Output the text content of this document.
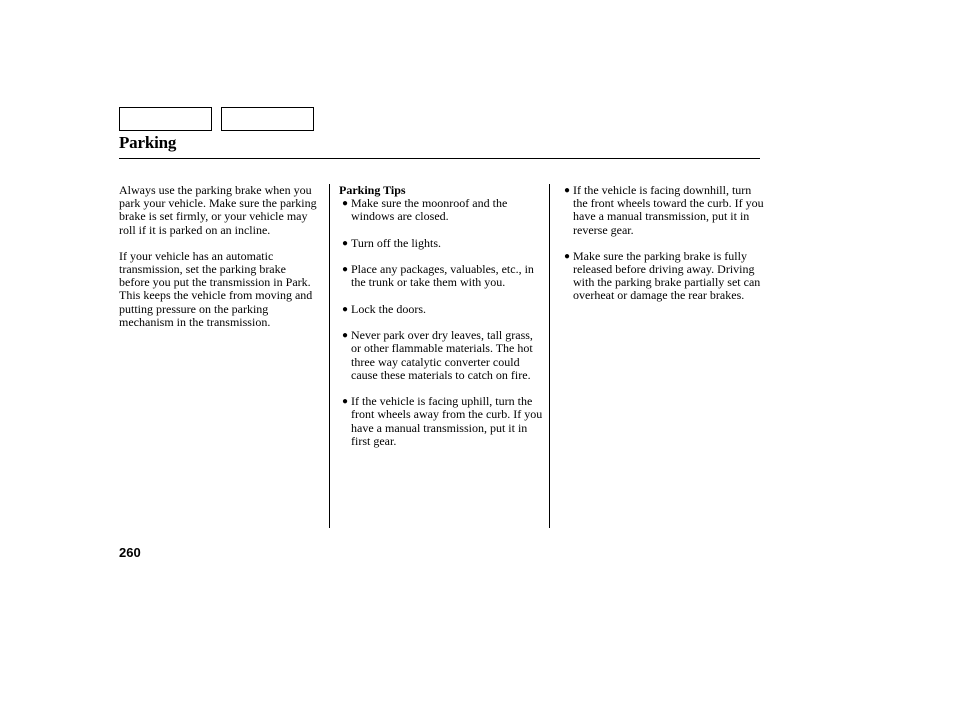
Parking

Always use the parking brake when you park your vehicle. Make sure the parking brake is set firmly, or your vehicle may roll if it is parked on an incline.

If your vehicle has an automatic transmission, set the parking brake before you put the transmission in Park. This keeps the vehicle from moving and putting pressure on the parking mechanism in the transmission.

Parking Tips

● Make sure the moonroof and the windows are closed.
● Turn off the lights.
● Place any packages, valuables, etc., in the trunk or take them with you.
● Lock the doors.
● Never park over dry leaves, tall grass, or other flammable materials. The hot three way catalytic converter could cause these materials to catch on fire.
● If the vehicle is facing uphill, turn the front wheels away from the curb. If you have a manual transmission, put it in first gear.
● If the vehicle is facing downhill, turn the front wheels toward the curb. If you have a manual transmission, put it in reverse gear.
● Make sure the parking brake is fully released before driving away. Driving with the parking brake partially set can overheat or damage the rear brakes.
260
